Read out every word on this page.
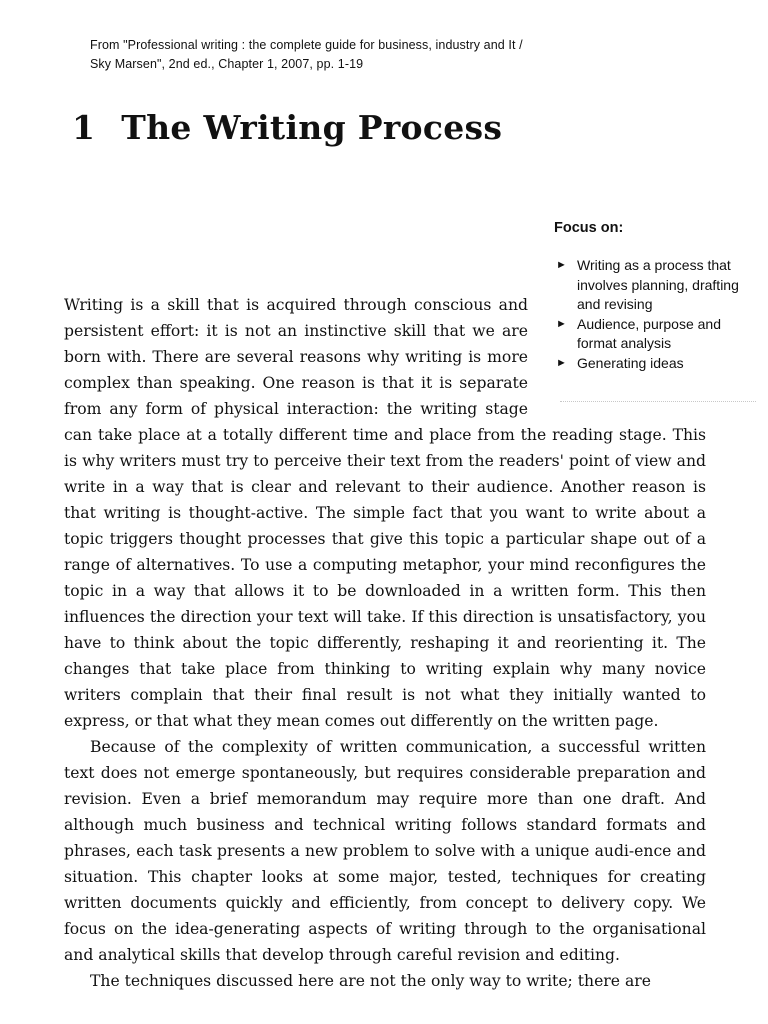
From "Professional writing : the complete guide for business, industry and It /
Sky Marsen", 2nd ed., Chapter 1, 2007, pp. 1-19
1 The Writing Process
Focus on:
► Writing as a process that involves planning, drafting and revising
► Audience, purpose and format analysis
► Generating ideas

Writing is a skill that is acquired through conscious and persistent effort: it is not an instinctive skill that we are born with. There are several reasons why writing is more complex than speaking. One reason is that it is separate from any form of physical interaction: the writing stage can take place at a totally different time and place from the reading stage. This is why writers must try to perceive their text from the readers' point of view and write in a way that is clear and relevant to their audience. Another reason is that writing is thought-active. The simple fact that you want to write about a topic triggers thought processes that give this topic a particular shape out of a range of alternatives. To use a computing metaphor, your mind reconfigures the topic in a way that allows it to be downloaded in a written form. This then influences the direction your text will take. If this direction is unsatisfactory, you have to think about the topic differently, reshaping it and reorienting it. The changes that take place from thinking to writing explain why many novice writers complain that their final result is not what they initially wanted to express, or that what they mean comes out differently on the written page.

Because of the complexity of written communication, a successful written text does not emerge spontaneously, but requires considerable preparation and revision. Even a brief memorandum may require more than one draft. And although much business and technical writing follows standard formats and phrases, each task presents a new problem to solve with a unique audi-ence and situation. This chapter looks at some major, tested, techniques for creating written documents quickly and efficiently, from concept to delivery copy. We focus on the idea-generating aspects of writing through to the organisational and analytical skills that develop through careful revision and editing.

The techniques discussed here are not the only way to write; there are
